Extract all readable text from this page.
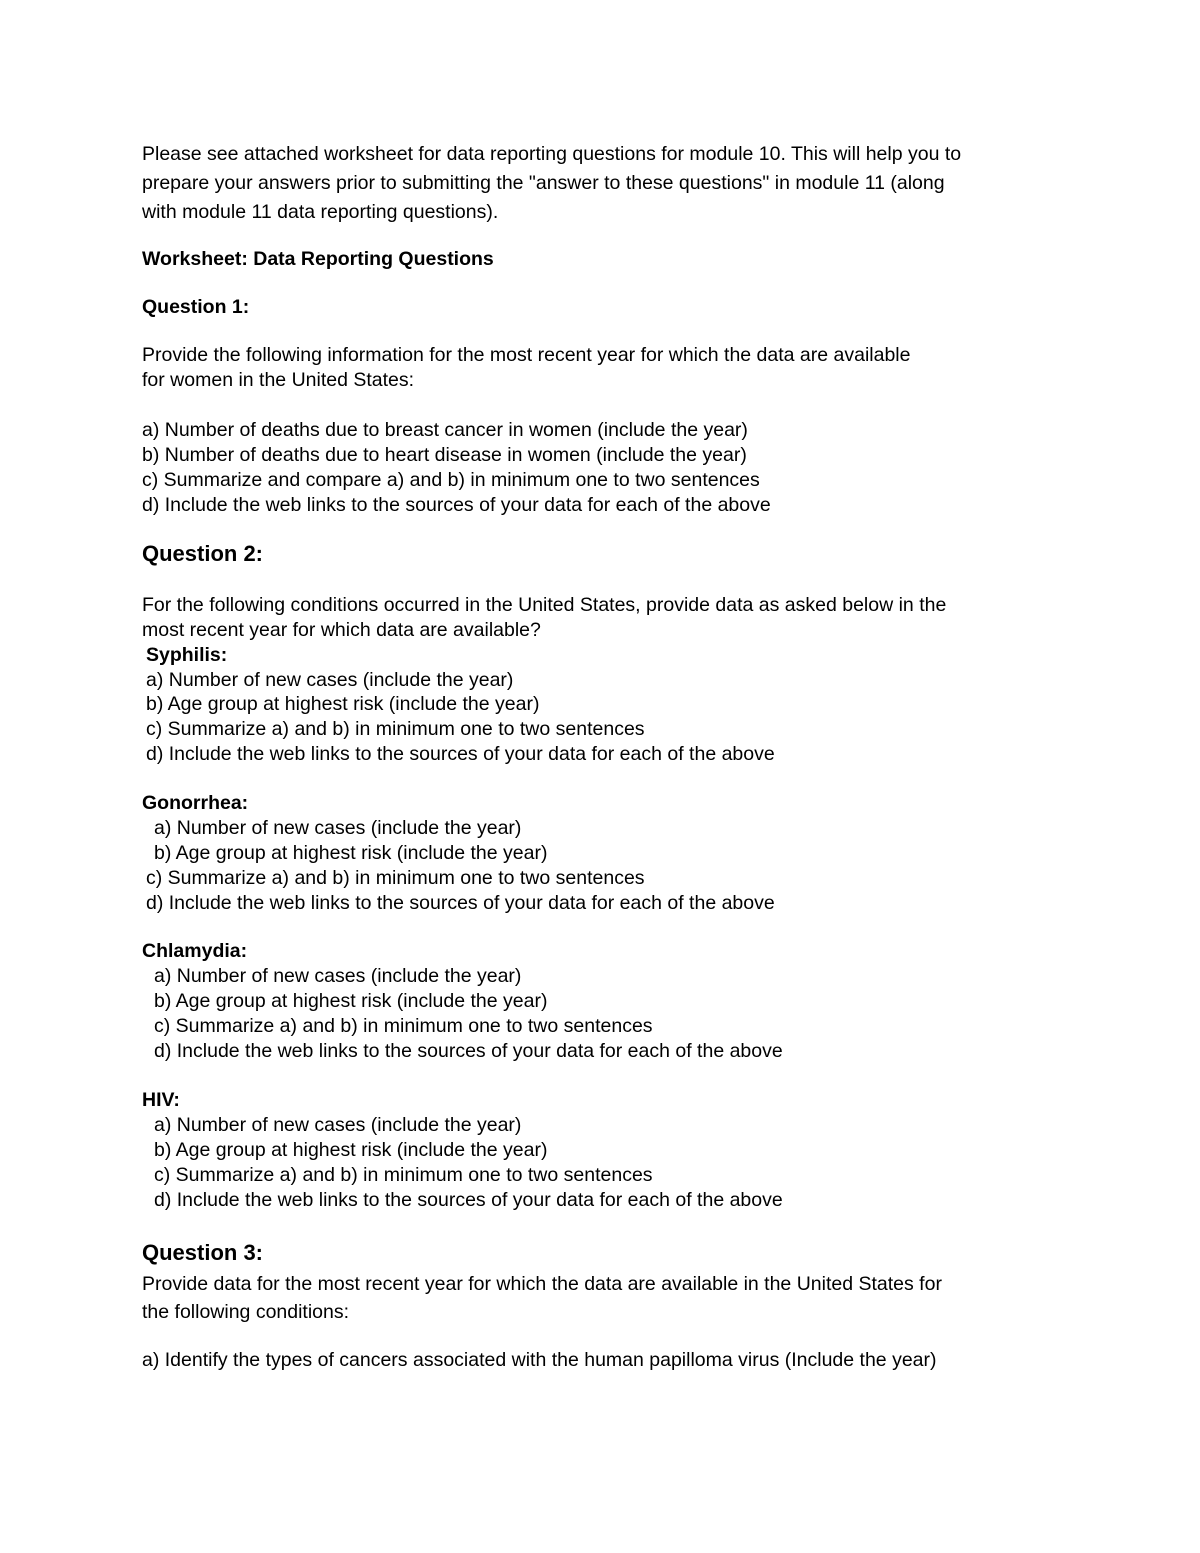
Please see attached worksheet for data reporting questions for module 10. This will help you to
prepare your answers prior to submitting the "answer to these questions" in module 11 (along
with module 11 data reporting questions).
Worksheet: Data Reporting Questions
Question 1:
Provide the following information for the most recent year for which the data are available
for women in the United States:
a) Number of deaths due to breast cancer in women (include the year)
b) Number of deaths due to heart disease in women (include the year)
c) Summarize and compare a) and b) in minimum one to two sentences
d) Include the web links to the sources of your data for each of the above
Question 2:
For the following conditions occurred in the United States, provide data as asked below in the
most recent year for which data are available?
Syphilis:
a) Number of new cases (include the year)
b) Age group at highest risk (include the year)
c) Summarize a) and b) in minimum one to two sentences
d) Include the web links to the sources of your data for each of the above
Gonorrhea:
a) Number of new cases (include the year)
b) Age group at highest risk (include the year)
c) Summarize a) and b) in minimum one to two sentences
d) Include the web links to the sources of your data for each of the above
Chlamydia:
a) Number of new cases (include the year)
b) Age group at highest risk (include the year)
c) Summarize a) and b) in minimum one to two sentences
d) Include the web links to the sources of your data for each of the above
HIV:
a) Number of new cases (include the year)
b) Age group at highest risk (include the year)
c) Summarize a) and b) in minimum one to two sentences
d) Include the web links to the sources of your data for each of the above
Question 3:
Provide data for the most recent year for which the data are available in the United States for
the following conditions:
a) Identify the types of cancers associated with the human papilloma virus (Include the year)
